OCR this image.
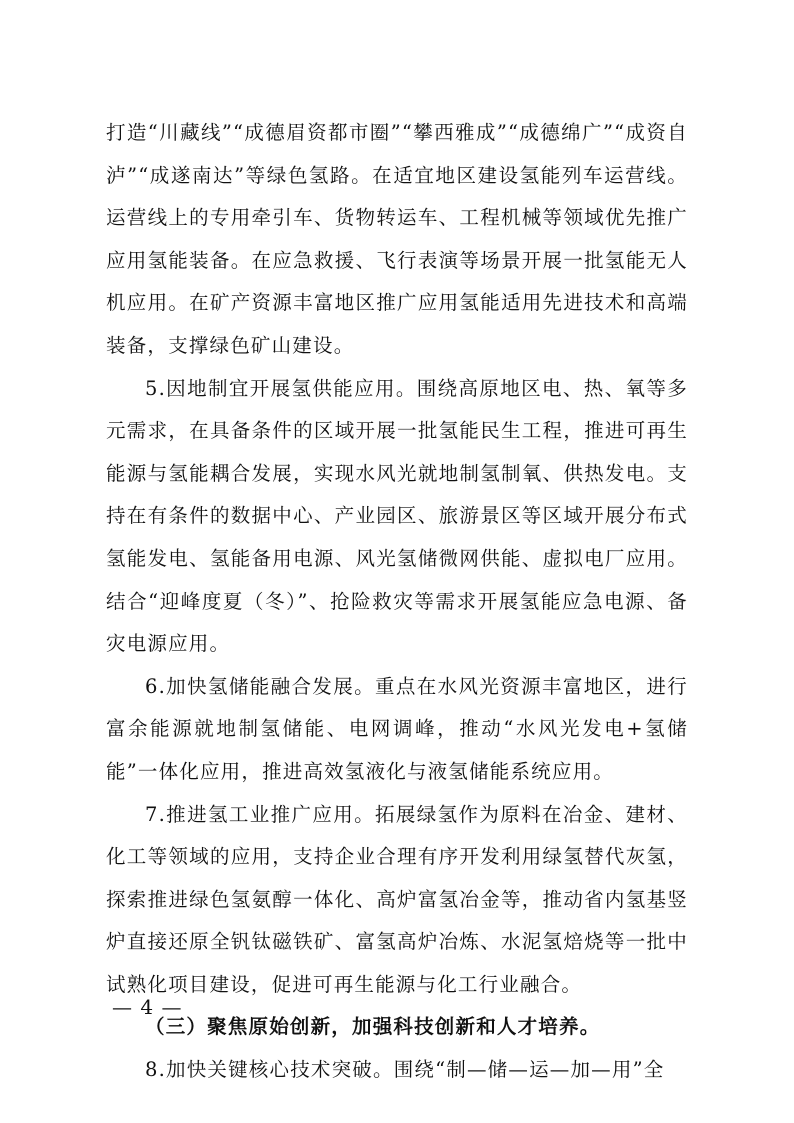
打造“川藏线”“成德眉资都市圈”“攀西雅成”“成德绵广”“成资自泸”“成遂南达”等绿色氢路。在适宜地区建设氢能列车运营线。运营线上的专用牵引车、货物转运车、工程机械等领域优先推广应用氢能装备。在应急救援、飞行表演等场景开展一批氢能无人机应用。在矿产资源丰富地区推广应用氢能适用先进技术和高端装备，支撑绿色矿山建设。

5.因地制宜开展氢供能应用。围绕高原地区电、热、氧等多元需求，在具备条件的区域开展一批氢能民生工程，推进可再生能源与氢能耦合发展，实现水风光就地制氢制氧、供热发电。支持在有条件的数据中心、产业园区、旅游景区等区域开展分布式氢能发电、氢能备用电源、风光氢储微网供能、虚拟电厂应用。结合“迎峰度夏（冬）”、抢险救灾等需求开展氢能应急电源、备灾电源应用。

6.加快氢储能融合发展。重点在水风光资源丰富地区，进行富余能源就地制氢储能、电网调峰，推动“水风光发电+氢储能”一体化应用，推进高效氢液化与液氢储能系统应用。

7.推进氢工业推广应用。拓展绿氢作为原料在冶金、建材、化工等领域的应用，支持企业合理有序开发利用绿氢替代灰氢，探索推进绿色氢氨醇一体化、高炉富氢冶金等，推动省内氢基竖炉直接还原全钒钛磁铁矿、富氢高炉冶炼、水泥氢焙烧等一批中试熟化项目建设，促进可再生能源与化工行业融合。

（三）聚焦原始创新，加强科技创新和人才培养。

8.加快关键核心技术突破。围绕“制—储—运—加—用”全

— 4 —
